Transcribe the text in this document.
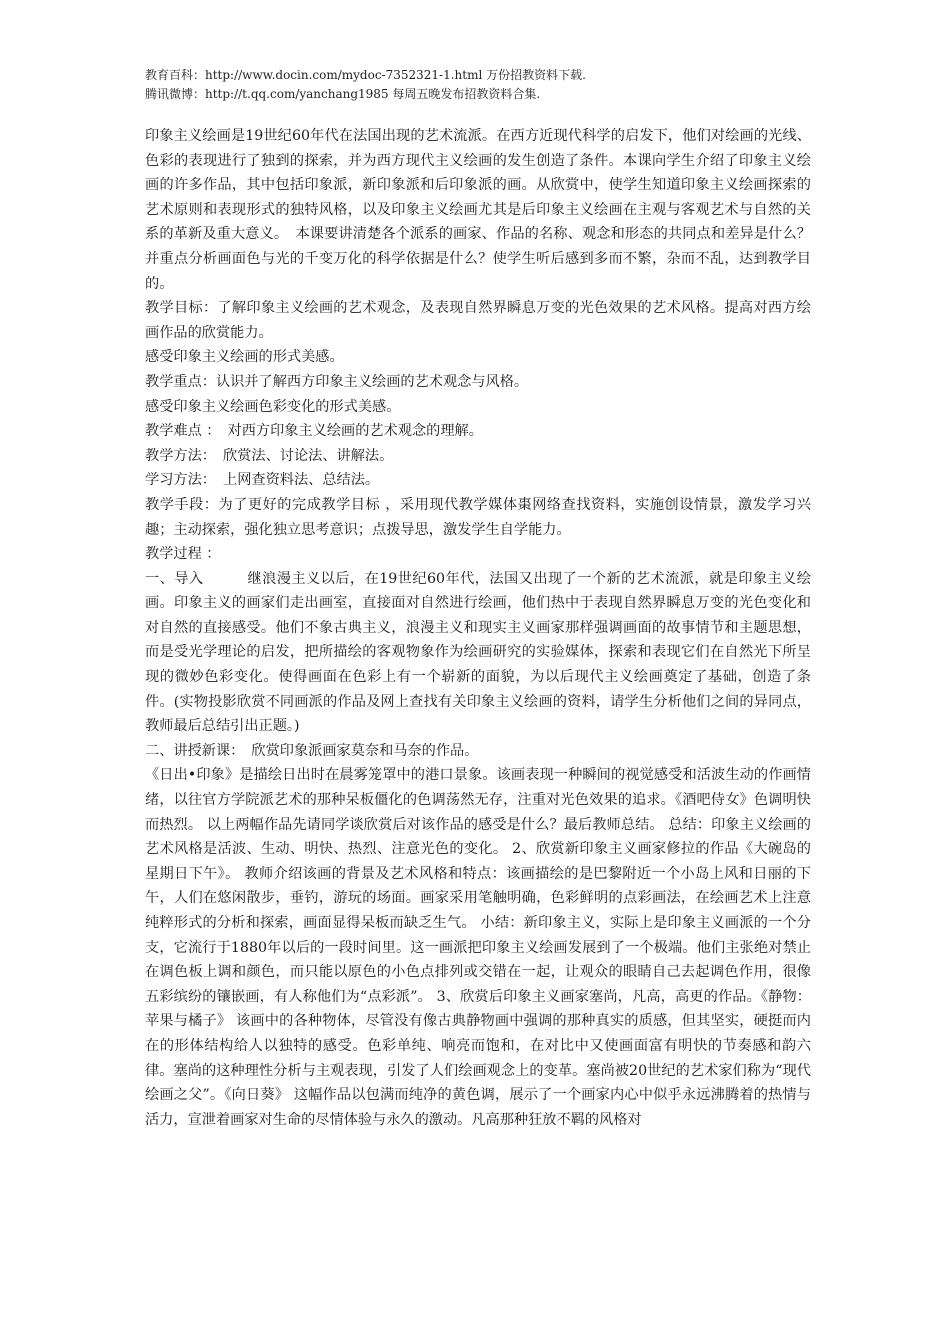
教育百科：http://www.docin.com/mydoc-7352321-1.html 万份招教资料下载.
腾讯微博：http://t.qq.com/yanchang1985 每周五晚发布招教资料合集.

印象主义绘画是19世纪60年代在法国出现的艺术流派。在西方近现代科学的启发下，他们对绘画的光线、色彩的表现进行了独到的探索，并为西方现代主义绘画的发生创造了条件。本课向学生介绍了印象主义绘画的许多作品，其中包括印象派，新印象派和后印象派的画。从欣赏中，使学生知道印象主义绘画探索的艺术原则和表现形式的独特风格，以及印象主义绘画尤其是后印象主义绘画在主观与客观艺术与自然的关系的革新及重大意义。　本课要讲清楚各个派系的画家、作品的名称、观念和形态的共同点和差异是什么？并重点分析画面色与光的千变万化的科学依据是什么？使学生听后感到多而不繁，杂而不乱，达到教学目的。

教学目标：了解印象主义绘画的艺术观念，及表现自然界瞬息万变的光色效果的艺术风格。提高对西方绘画作品的欣赏能力。

感受印象主义绘画的形式美感。

教学重点：认识并了解西方印象主义绘画的艺术观念与风格。

感受印象主义绘画色彩变化的形式美感。

教学难点 ：　对西方印象主义绘画的艺术观念的理解。

教学方法：　欣赏法、讨论法、讲解法。

学习方法：　上网查资料法、总结法。

教学手段：为了更好的完成教学目标 ，采用现代教学媒体棗网络查找资料，实施创设情景，激发学习兴趣；主动探索，强化独立思考意识；点拨导思，激发学生自学能力。

教学过程 ：

一、导入　　　继浪漫主义以后，在19世纪60年代，法国又出现了一个新的艺术流派，就是印象主义绘画。印象主义的画家们走出画室，直接面对自然进行绘画，他们热中于表现自然界瞬息万变的光色变化和对自然的直接感受。他们不象古典主义，浪漫主义和现实主义画家那样强调画面的故事情节和主题思想，而是受光学理论的启发，把所描绘的客观物象作为绘画研究的实验媒体，探索和表现它们在自然光下所呈现的微妙色彩变化。使得画面在色彩上有一个崭新的面貌，为以后现代主义绘画奠定了基础，创造了条件。(实物投影欣赏不同画派的作品及网上查找有关印象主义绘画的资料，请学生分析他们之间的异同点，教师最后总结引出正题。)

二、讲授新课：　欣赏印象派画家莫奈和马奈的作品。

《日出•印象》是描绘日出时在晨雾笼罩中的港口景象。该画表现一种瞬间的视觉感受和活波生动的作画情绪，以往官方学院派艺术的那种呆板僵化的色调荡然无存，注重对光色效果的追求。《酒吧侍女》色调明快而热烈。 以上两幅作品先请同学谈欣赏后对该作品的感受是什么？最后教师总结。 总结：印象主义绘画的艺术风格是活波、生动、明快、热烈、注意光色的变化。 2、欣赏新印象主义画家修拉的作品《大碗岛的星期日下午》。 教师介绍该画的背景及艺术风格和特点：该画描绘的是巴黎附近一个小岛上风和日丽的下午，人们在悠闲散步，垂钓，游玩的场面。画家采用笔触明确，色彩鲜明的点彩画法，在绘画艺术上注意纯粹形式的分析和探索，画面显得呆板而缺乏生气。 小结：新印象主义，实际上是印象主义画派的一个分支，它流行于1880年以后的一段时间里。这一画派把印象主义绘画发展到了一个极端。他们主张绝对禁止在调色板上调和颜色，而只能以原色的小色点排列或交错在一起，让观众的眼睛自己去起调色作用，很像五彩缤纷的镶嵌画，有人称他们为“点彩派”。 3、欣赏后印象主义画家塞尚，凡高，高更的作品。《静物：苹果与橘子》 该画中的各种物体，尽管没有像古典静物画中强调的那种真实的质感，但其坚实，硬挺而内在的形体结构给人以独特的感受。色彩单纯、响亮而饱和，在对比中又使画面富有明快的节奏感和韵六律。塞尚的这种理性分析与主观表现，引发了人们绘画观念上的变革。塞尚被20世纪的艺术家们称为“现代绘画之父”。《向日葵》 这幅作品以包满而纯净的黄色调，展示了一个画家内心中似乎永远沸腾着的热情与活力，宣泄着画家对生命的尽情体验与永久的激动。凡高那种狂放不羁的风格对
